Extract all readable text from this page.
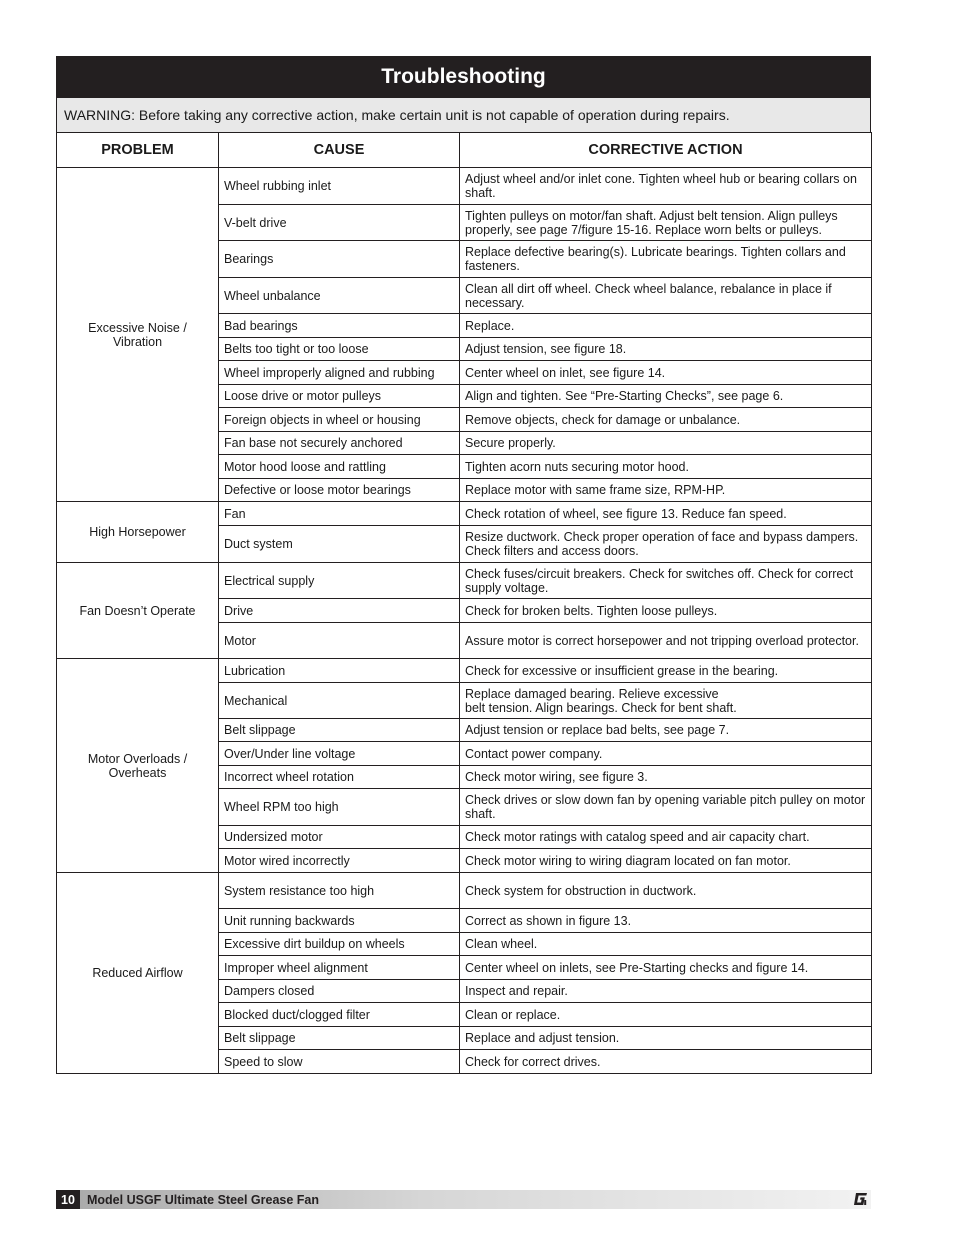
Troubleshooting
WARNING: Before taking any corrective action, make certain unit is not capable of operation during repairs.
PROBLEM	CAUSE	CORRECTIVE ACTION
Excessive Noise / Vibration	Wheel rubbing inlet	Adjust wheel and/or inlet cone. Tighten wheel hub or bearing collars on shaft.
	V-belt drive	Tighten pulleys on motor/fan shaft. Adjust belt tension. Align pulleys properly, see page 7/figure 15-16. Replace worn belts or pulleys.
	Bearings	Replace defective bearing(s). Lubricate bearings. Tighten collars and fasteners.
	Wheel unbalance	Clean all dirt off wheel. Check wheel balance, rebalance in place if necessary.
	Bad bearings	Replace.
	Belts too tight or too loose	Adjust tension, see figure 18.
	Wheel improperly aligned and rubbing	Center wheel on inlet, see figure 14.
	Loose drive or motor pulleys	Align and tighten. See “Pre-Starting Checks”, see page 6.
	Foreign objects in wheel or housing	Remove objects, check for damage or unbalance.
	Fan base not securely anchored	Secure properly.
	Motor hood loose and rattling	Tighten acorn nuts securing motor hood.
	Defective or loose motor bearings	Replace motor with same frame size, RPM-HP.
High Horsepower	Fan	Check rotation of wheel, see figure 13. Reduce fan speed.
	Duct system	Resize ductwork. Check proper operation of face and bypass dampers. Check filters and access doors.
Fan Doesn’t Operate	Electrical supply	Check fuses/circuit breakers. Check for switches off. Check for correct supply voltage.
	Drive	Check for broken belts. Tighten loose pulleys.
	Motor	Assure motor is correct horsepower and not tripping overload protector.
Motor Overloads / Overheats	Lubrication	Check for excessive or insufficient grease in the bearing.
	Mechanical	Replace damaged bearing. Relieve excessive
belt tension. Align bearings. Check for bent shaft.
	Belt slippage	Adjust tension or replace bad belts, see page 7.
	Over/Under line voltage	Contact power company.
	Incorrect wheel rotation	Check motor wiring, see figure 3.
	Wheel RPM too high	Check drives or slow down fan by opening variable pitch pulley on motor shaft.
	Undersized motor	Check motor ratings with catalog speed and air capacity chart.
	Motor wired incorrectly	Check motor wiring to wiring diagram located on fan motor.
Reduced Airflow	System resistance too high	Check system for obstruction in ductwork.
	Unit running backwards	Correct as shown in figure 13.
	Excessive dirt buildup on wheels	Clean wheel.
	Improper wheel alignment	Center wheel on inlets, see Pre-Starting checks and figure 14.
	Dampers closed	Inspect and repair.
	Blocked duct/clogged filter	Clean or replace.
	Belt slippage	Replace and adjust tension.
	Speed to slow	Check for correct drives.
10 Model USGF Ultimate Steel Grease Fan
